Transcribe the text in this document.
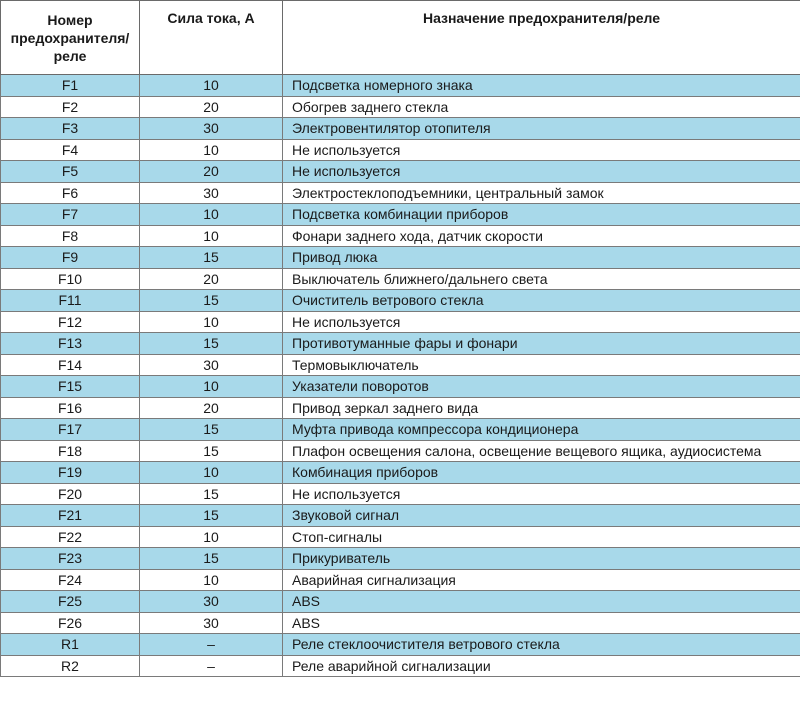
Номер предохранителя/ реле	Сила тока, А	Назначение предохранителя/реле
F1	10	Подсветка номерного знака
F2	20	Обогрев заднего стекла
F3	30	Электровентилятор отопителя
F4	10	Не используется
F5	20	Не используется
F6	30	Электростеклоподъемники, центральный замок
F7	10	Подсветка комбинации приборов
F8	10	Фонари заднего хода, датчик скорости
F9	15	Привод люка
F10	20	Выключатель ближнего/дальнего света
F11	15	Очиститель ветрового стекла
F12	10	Не используется
F13	15	Противотуманные фары и фонари
F14	30	Термовыключатель
F15	10	Указатели поворотов
F16	20	Привод зеркал заднего вида
F17	15	Муфта привода компрессора кондиционера
F18	15	Плафон освещения салона, освещение вещевого ящика, аудиосистема
F19	10	Комбинация приборов
F20	15	Не используется
F21	15	Звуковой сигнал
F22	10	Стоп-сигналы
F23	15	Прикуриватель
F24	10	Аварийная сигнализация
F25	30	ABS
F26	30	ABS
R1	–	Реле стеклоочистителя ветрового стекла
R2	–	Реле аварийной сигнализации
